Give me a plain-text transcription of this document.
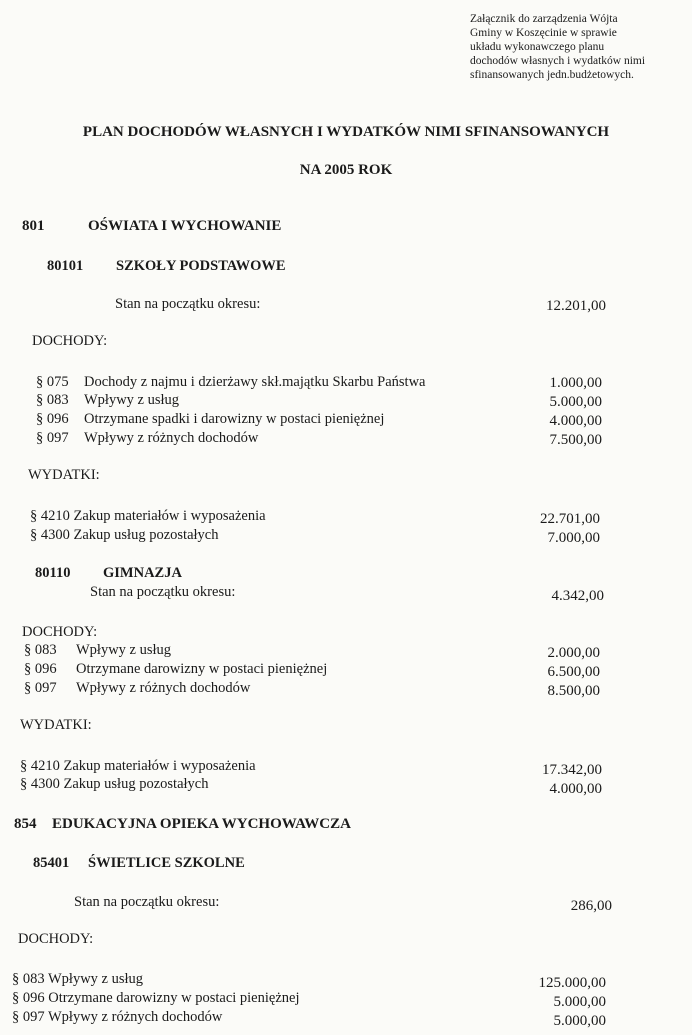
Załącznik do zarządzenia Wójta
Gminy w Koszęcinie w sprawie
układu wykonawczego planu
dochodów własnych i wydatków nimi
sfinansowanych jedn.budżetowych.
PLAN DOCHODÓW WŁASNYCH I WYDATKÓW NIMI SFINANSOWANYCH
NA 2005 ROK
801	OŚWIATA I WYCHOWANIE
80101 SZKOŁY PODSTAWOWE
Stan na początku okresu:	12.201,00
DOCHODY:
§ 075 Dochody z najmu i dzierżawy skł.majątku Skarbu Państwa	1.000,00
§ 083 Wpływy z usług	5.000,00
§ 096 Otrzymane spadki i darowizny w postaci pieniężnej	4.000,00
§ 097 Wpływy z różnych dochodów	7.500,00
WYDATKI:
§ 4210 Zakup materiałów i wyposażenia	22.701,00
§ 4300 Zakup usług pozostałych	7.000,00
80110 GIMNAZJA
Stan na początku okresu:	4.342,00
DOCHODY:
§ 083 Wpływy z usług	2.000,00
§ 096 Otrzymane darowizny w postaci pieniężnej	6.500,00
§ 097 Wpływy z różnych dochodów	8.500,00
WYDATKI:
§ 4210 Zakup materiałów i wyposażenia	17.342,00
§ 4300 Zakup usług pozostałych	4.000,00
854 EDUKACYJNA OPIEKA WYCHOWAWCZA
85401 ŚWIETLICE SZKOLNE
Stan na początku okresu:	286,00
DOCHODY:
§ 083 Wpływy z usług	125.000,00
§ 096 Otrzymane darowizny w postaci pieniężnej	5.000,00
§ 097 Wpływy z różnych dochodów	5.000,00
